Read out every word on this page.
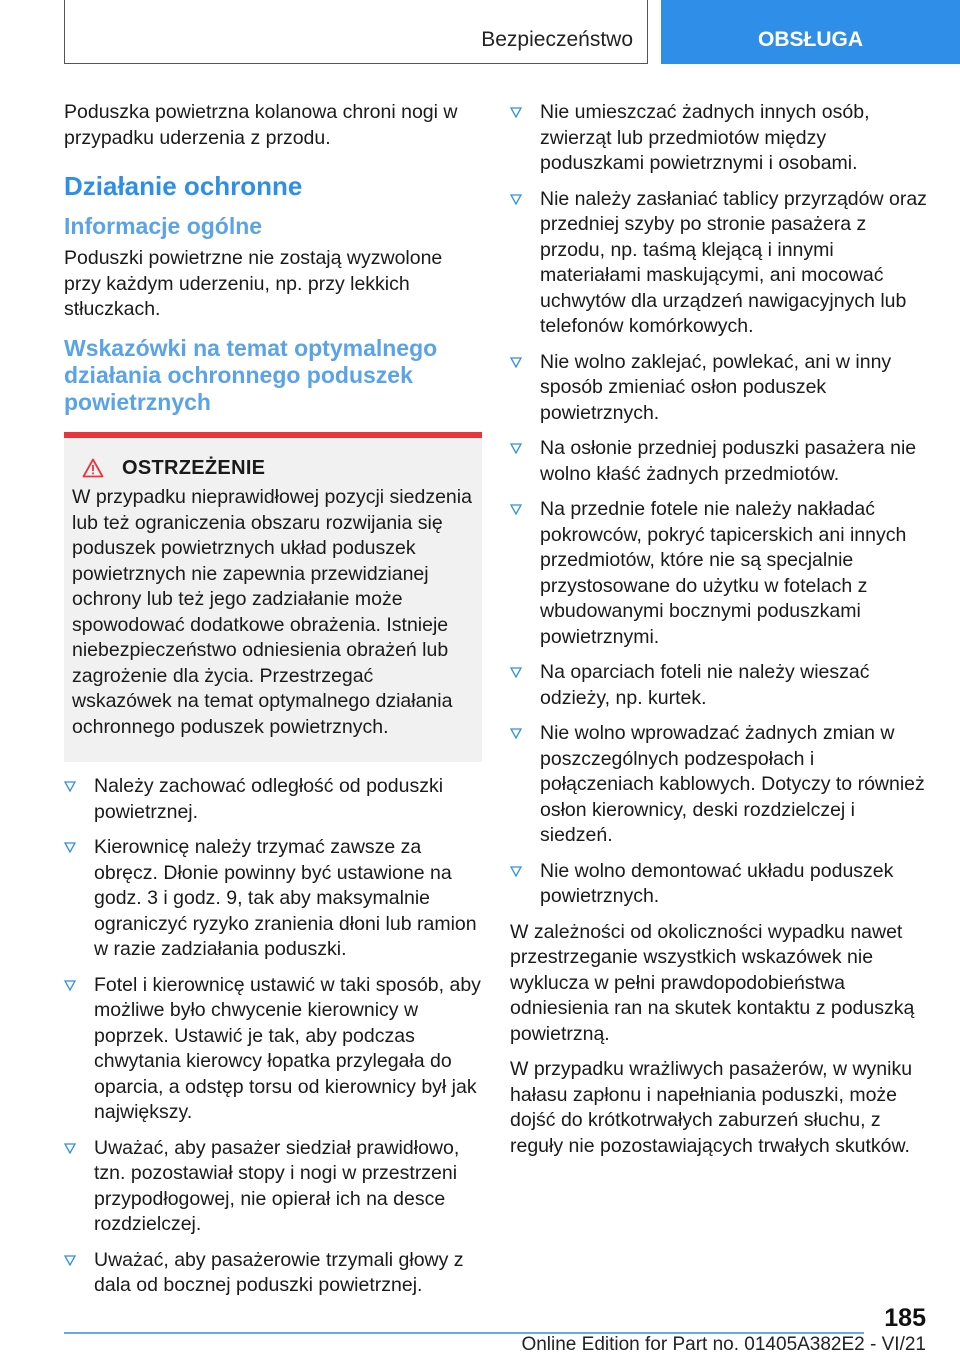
Bezpieczeństwo	OBSŁUGA

Poduszka powietrzna kolanowa chroni nogi w przypadku uderzenia z przodu.

Działanie ochronne
Informacje ogólne

Poduszki powietrzne nie zostają wyzwolone przy każdym uderzeniu, np. przy lekkich stłuczkach.

Wskazówki na temat optymalnego działania ochronnego poduszek powietrznych
OSTRZEŻENIE
W przypadku nieprawidłowej pozycji siedzenia lub też ograniczenia obszaru rozwijania się poduszek powietrznych układ poduszek powietrznych nie zapewnia przewidzianej ochrony lub też jego zadziałanie może spowodować dodatkowe obrażenia. Istnieje niebezpieczeństwo odniesienia obrażeń lub zagrożenie dla życia. Przestrzegać wskazówek na temat optymalnego działania ochronnego poduszek powietrznych.
Należy zachować odległość od poduszki powietrznej.
Kierownicę należy trzymać zawsze za obręcz. Dłonie powinny być ustawione na godz. 3 i godz. 9, tak aby maksymalnie ograniczyć ryzyko zranienia dłoni lub ramion w razie zadziałania poduszki.
Fotel i kierownicę ustawić w taki sposób, aby możliwe było chwycenie kierownicy w poprzek. Ustawić je tak, aby podczas chwytania kierowcy łopatka przylegała do oparcia, a odstęp torsu od kierownicy był jak największy.
Uważać, aby pasażer siedział prawidłowo, tzn. pozostawiał stopy i nogi w przestrzeni przypodłogowej, nie opierał ich na desce rozdzielczej.
Uważać, aby pasażerowie trzymali głowy z dala od bocznej poduszki powietrznej.
Nie umieszczać żadnych innych osób, zwierząt lub przedmiotów między poduszkami powietrznymi i osobami.
Nie należy zasłaniać tablicy przyrządów oraz przedniej szyby po stronie pasażera z przodu, np. taśmą klejącą i innymi materiałami maskującymi, ani mocować uchwytów dla urządzeń nawigacyjnych lub telefonów komórkowych.
Nie wolno zaklejać, powlekać, ani w inny sposób zmieniać osłon poduszek powietrznych.
Na osłonie przedniej poduszki pasażera nie wolno kłaść żadnych przedmiotów.
Na przednie fotele nie należy nakładać pokrowców, pokryć tapicerskich ani innych przedmiotów, które nie są specjalnie przystosowane do użytku w fotelach z wbudowanymi bocznymi poduszkami powietrznymi.
Na oparciach foteli nie należy wieszać odzieży, np. kurtek.
Nie wolno wprowadzać żadnych zmian w poszczególnych podzespołach i połączeniach kablowych. Dotyczy to również osłon kierownicy, deski rozdzielczej i siedzeń.
Nie wolno demontować układu poduszek powietrznych.

W zależności od okoliczności wypadku nawet przestrzeganie wszystkich wskazówek nie wyklucza w pełni prawdopodobieństwa odniesienia ran na skutek kontaktu z poduszką powietrzną.

W przypadku wrażliwych pasażerów, w wyniku hałasu zapłonu i napełniania poduszki, może dojść do krótkotrwałych zaburzeń słuchu, z reguły nie pozostawiających trwałych skutków.

185
Online Edition for Part no. 01405A382E2 - VI/21
